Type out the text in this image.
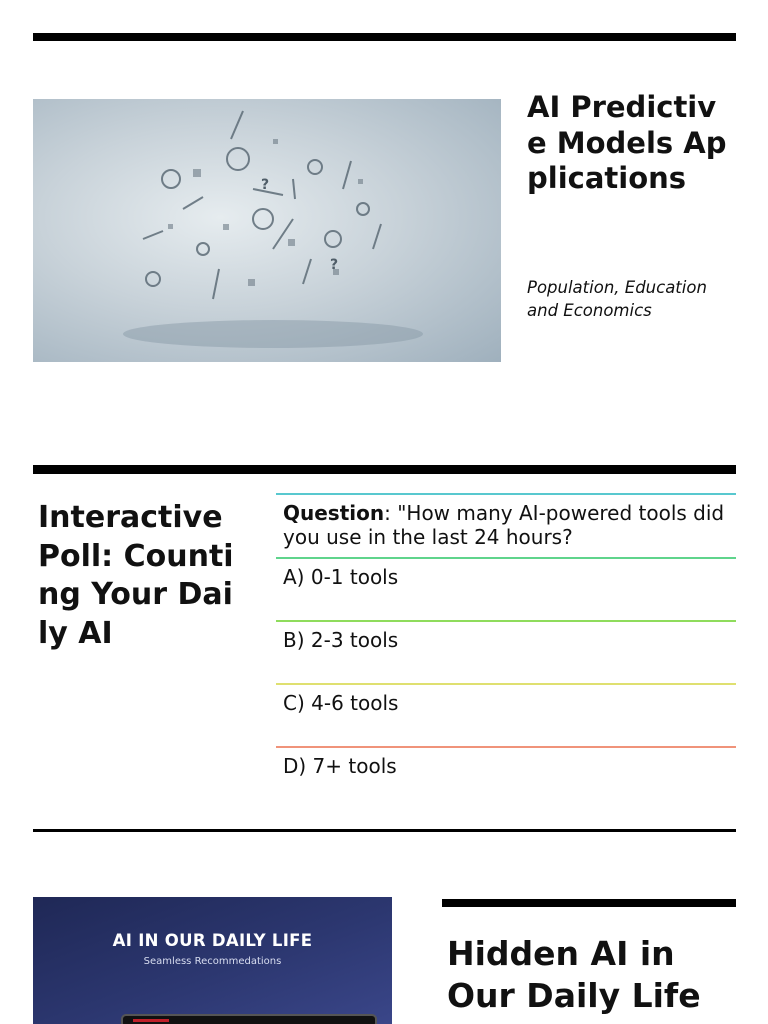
?
?
AI Predictive Models Applications
Population, Education and Economics
Interactive Poll: Counting Your Daily AI
Question: "How many AI-powered tools did you use in the last 24 hours?
A) 0-1 tools
B) 2-3 tools
C) 4-6 tools
D) 7+ tools
AI IN OUR DAILY LIFE
Seamless Recommedations	Hidden AI in Our Daily Life
